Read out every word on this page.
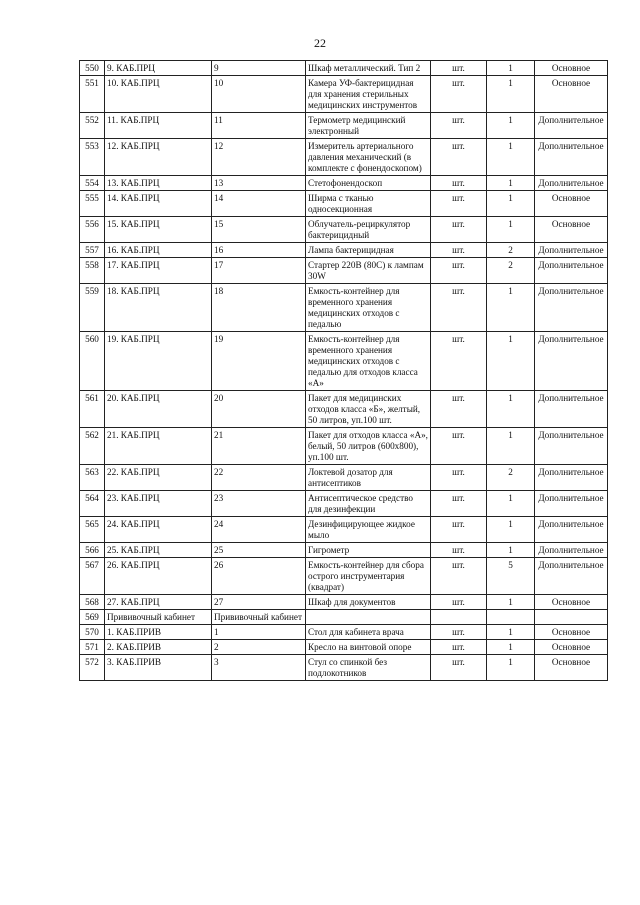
22
550	9. КАБ.ПРЦ	9	Шкаф металлический. Тип 2	шт.	1	Основное
551	10. КАБ.ПРЦ	10	Камера УФ-бактерицидная для хранения стерильных медицинских инструментов	шт.	1	Основное
552	11. КАБ.ПРЦ	11	Термометр медицинский электронный	шт.	1	Дополнительное
553	12. КАБ.ПРЦ	12	Измеритель артериального давления механический (в комплекте с фонендоскопом)	шт.	1	Дополнительное
554	13. КАБ.ПРЦ	13	Стетофонендоскоп	шт.	1	Дополнительное
555	14. КАБ.ПРЦ	14	Ширма с тканью односекционная	шт.	1	Основное
556	15. КАБ.ПРЦ	15	Облучатель-рециркулятор бактерицидный	шт.	1	Основное
557	16. КАБ.ПРЦ	16	Лампа бактерицидная	шт.	2	Дополнительное
558	17. КАБ.ПРЦ	17	Стартер 220В (80С) к лампам 30W	шт.	2	Дополнительное
559	18. КАБ.ПРЦ	18	Емкость-контейнер для временного хранения медицинских отходов с педалью	шт.	1	Дополнительное
560	19. КАБ.ПРЦ	19	Емкость-контейнер для временного хранения медицинских отходов с педалью для отходов класса «А»	шт.	1	Дополнительное
561	20. КАБ.ПРЦ	20	Пакет для медицинских отходов класса «Б», желтый, 50 литров, уп.100 шт.	шт.	1	Дополнительное
562	21. КАБ.ПРЦ	21	Пакет для отходов класса «А», белый, 50 литров (600х800), уп.100 шт.	шт.	1	Дополнительное
563	22. КАБ.ПРЦ	22	Локтевой дозатор для антисептиков	шт.	2	Дополнительное
564	23. КАБ.ПРЦ	23	Антисептическое средство для дезинфекции	шт.	1	Дополнительное
565	24. КАБ.ПРЦ	24	Дезинфицирующее жидкое мыло	шт.	1	Дополнительное
566	25. КАБ.ПРЦ	25	Гигрометр	шт.	1	Дополнительное
567	26. КАБ.ПРЦ	26	Емкость-контейнер для сбора острого инструментария (квадрат)	шт.	5	Дополнительное
568	27. КАБ.ПРЦ	27	Шкаф для документов	шт.	1	Основное
569	Прививочный кабинет	Прививочный кабинет				
570	1. КАБ.ПРИВ	1	Стол для кабинета врача	шт.	1	Основное
571	2. КАБ.ПРИВ	2	Кресло на винтовой опоре	шт.	1	Основное
572	3. КАБ.ПРИВ	3	Стул со спинкой без подлокотников	шт.	1	Основное
